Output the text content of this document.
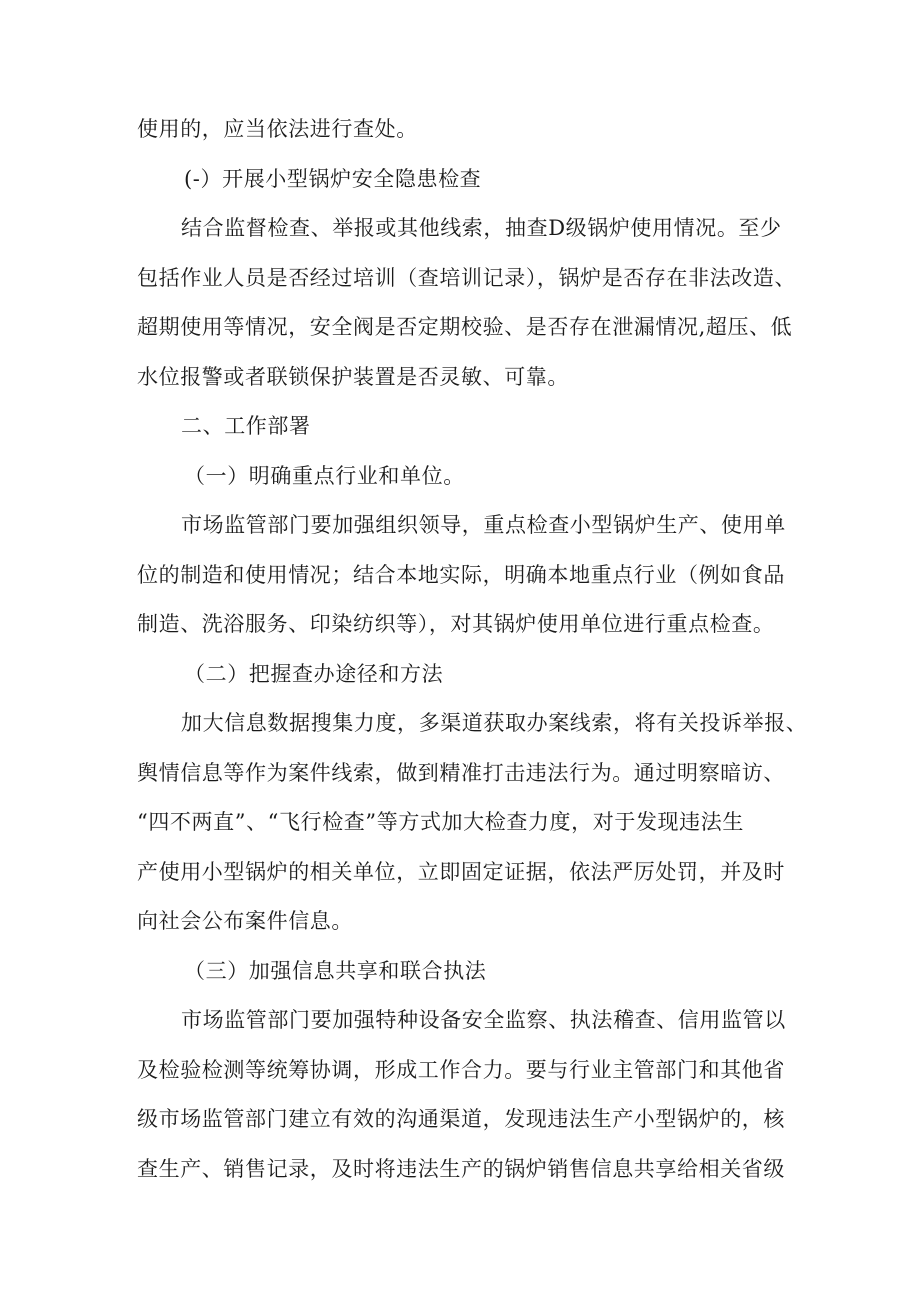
使用的，应当依法进行查处。
(-）开展小型锅炉安全隐患检查
结合监督检查、举报或其他线索，抽查D级锅炉使用情况。至少
包括作业人员是否经过培训（查培训记录），锅炉是否存在非法改造、
超期使用等情况，安全阀是否定期校验、是否存在泄漏情况,超压、低
水位报警或者联锁保护装置是否灵敏、可靠。
二、工作部署
（一）明确重点行业和单位。
市场监管部门要加强组织领导，重点检查小型锅炉生产、使用单
位的制造和使用情况；结合本地实际，明确本地重点行业（例如食品
制造、洗浴服务、印染纺织等），对其锅炉使用单位进行重点检查。
（二）把握查办途径和方法
加大信息数据搜集力度，多渠道获取办案线索，将有关投诉举报、
舆情信息等作为案件线索，做到精准打击违法行为。通过明察暗访、
“四不两直”、“飞行检查”等方式加大检查力度，对于发现违法生
产使用小型锅炉的相关单位，立即固定证据，依法严厉处罚，并及时
向社会公布案件信息。
（三）加强信息共享和联合执法
市场监管部门要加强特种设备安全监察、执法稽查、信用监管以
及检验检测等统筹协调，形成工作合力。要与行业主管部门和其他省
级市场监管部门建立有效的沟通渠道，发现违法生产小型锅炉的，核
查生产、销售记录，及时将违法生产的锅炉销售信息共享给相关省级
